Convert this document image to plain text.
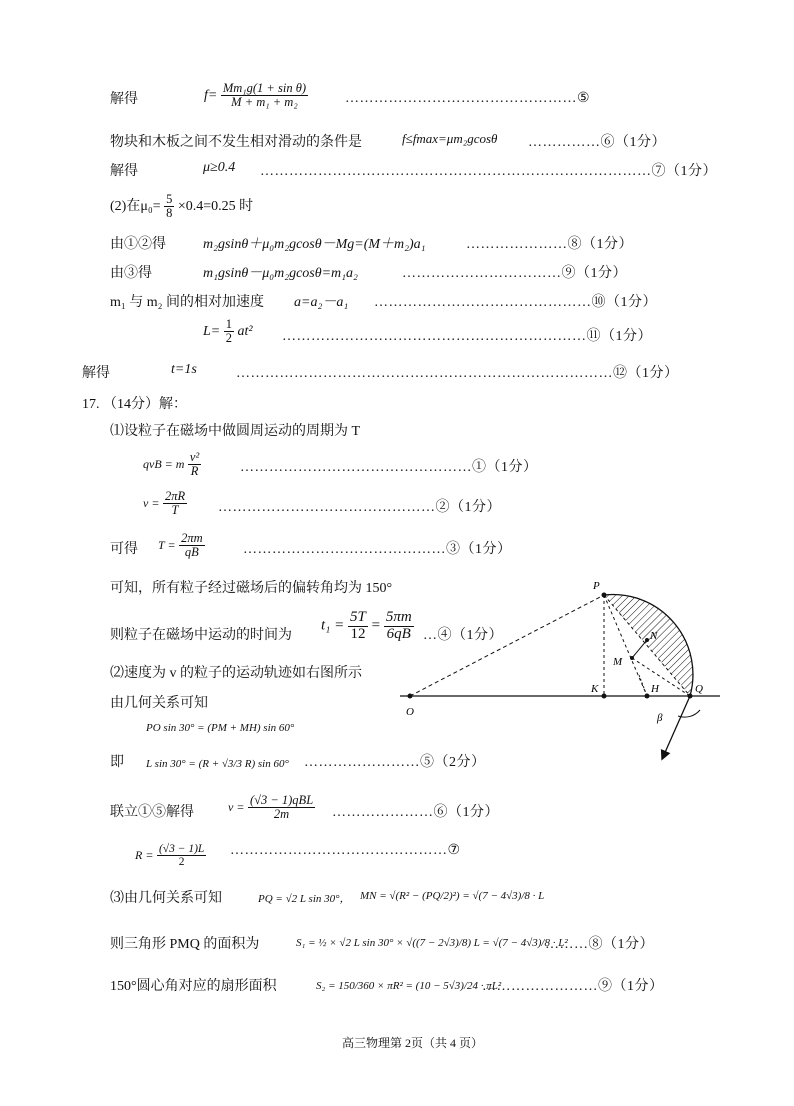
解得	$f= \frac{\text{Mm₁g(1 + sin θ)}}{\text{M + m₁ + m₂}}$	…………………………………………⑤
物块和木板之间不发生相对滑动的条件是	f≤fmax=μm₂gcosθ ……………⑥（1分）
解得	μ≥0.4 ………………………………………………………………………⑦（1分）
(2)在$\mu_0= \frac{5}{8} \times 0.4=0.25$ 时
由①②得	m₂gsinθ＋μ₀m₂gcosθ－Mg=(M＋m₂)a₁	…………………⑧（1分）
由③得	m₁gsinθ－μ₀m₂gcosθ=m₁a₂	……………………………⑨（1分）
m₁ 与 m₂ 间的相对加速度 a=a₂－a₁ ………………………………………⑩（1分）
$L= \frac{1}{2} at^2$ ………………………………………………………⑪（1分）
解得	t=1s	……………………………………………………………………⑫（1分）
17. （14分）解：
⑴设粒子在磁场中做圆周运动的周期为 T
qvB = m $\frac{\text{v²}}{R}$	…………………………………………①（1分）
$v = \frac{2\pi R}{T}$ ………………………………………②（1分）
可得 $T = \frac{2\pi m}{qB}$	……………………………………③（1分）
可知，所有粒子经过磁场后的偏转角均为 150°
则粒子在磁场中运动的时间为
$t_1 = \frac{5T}{12} = \frac{5\pi m}{6qB}$ …④（1分）
⑵速度为 v 的粒子的运动轨迹如右图所示
由几何关系可知
PO sin 30° = (PM + MH) sin 60°
即 L sin 30° = (R + √3/3 R) sin 60° ……………………⑤（2分）
联立①⑤解得	$v = \frac{\text{(√3 − 1)qBL}}{2m}$ …………………⑥（1分）
$R = \frac{(√3 - 1)L}{2}$ ………………………………………⑦
⑶由几何关系可知	PQ = √2 L sin 30°， MN = √(R² − (PQ/2)²) = √(7 − 4√3)/8 · L
则三角形 PMQ 的面积为	S₁ = ½ × √2 L sin 30° × √((7 − 2√3)/8) L = √(7 − 4√3)/8 · L²
………⑧（1分）
150°圆心角对应的扇形面积	S₂ = 150/360 × πR² = (10 − 5√3)/24 · πL²
……………………⑨（1分）
高三物理第 2页（共 4 页）
P
N
M
K	H	Q
O	β
